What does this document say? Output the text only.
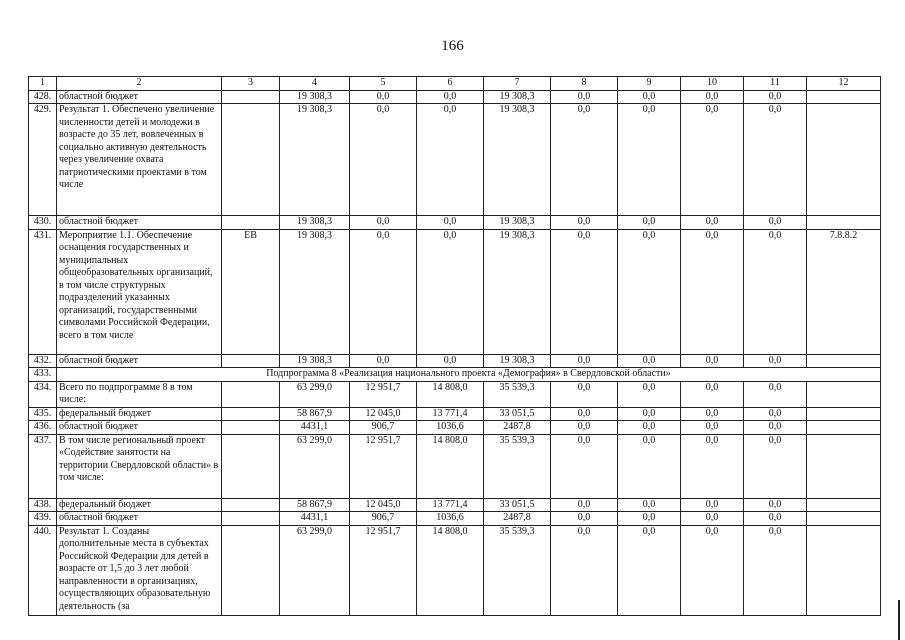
166
1	2	3	4	5	6	7	8	9	10	11	12
428.	областной бюджет		19 308,3	0,0	0,0	19 308,3	0,0	0,0	0,0	0,0	
429.	Результат 1. Обеспечено увеличение численности детей и молодежи в возрасте до 35 лет, вовлеченных в социально активную деятельность через увеличение охвата патриотическими проектами в том числе		19 308,3	0,0	0,0	19 308,3	0,0	0,0	0,0	0,0	
430.	областной бюджет		19 308,3	0,0	0,0	19 308,3	0,0	0,0	0,0	0,0	
431.	Мероприятие 1.1. Обеспечение оснащения государственных и муниципальных общеобразовательных организаций, в том числе структурных подразделений указанных организаций, государственными символами Российской Федерации, всего в том числе	EB	19 308,3	0,0	0,0	19 308,3	0,0	0,0	0,0	0,0	7.8.8.2
432.	областной бюджет		19 308,3	0,0	0,0	19 308,3	0,0	0,0	0,0	0,0	
433.	Подпрограмма 8 «Реализация национального проекта «Демография» в Свердловской области»										
434.	Всего по подпрограмме 8 в том числе:		63 299,0	12 951,7	14 808,0	35 539,3	0,0	0,0	0,0	0,0	
435.	федеральный бюджет		58 867,9	12 045,0	13 771,4	33 051,5	0,0	0,0	0,0	0,0	
436.	областной бюджет		4431,1	906,7	1036,6	2487,8	0,0	0,0	0,0	0,0	
437.	В том числе региональный проект «Содействие занятости на территории Свердловской области» в том числе:		63 299,0	12 951,7	14 808,0	35 539,3	0,0	0,0	0,0	0,0	
438.	федеральный бюджет		58 867,9	12 045,0	13 771,4	33 051,5	0,0	0,0	0,0	0,0	
439.	областной бюджет		4431,1	906,7	1036,6	2487,8	0,0	0,0	0,0	0,0	
440.	Результат 1. Созданы дополнительные места в субъектах Российской Федерации для детей в возрасте от 1,5 до 3 лет любой направленности в организациях, осуществляющих образовательную деятельность (за		63 299,0	12 951,7	14 808,0	35 539,3	0,0	0,0	0,0	0,0	
